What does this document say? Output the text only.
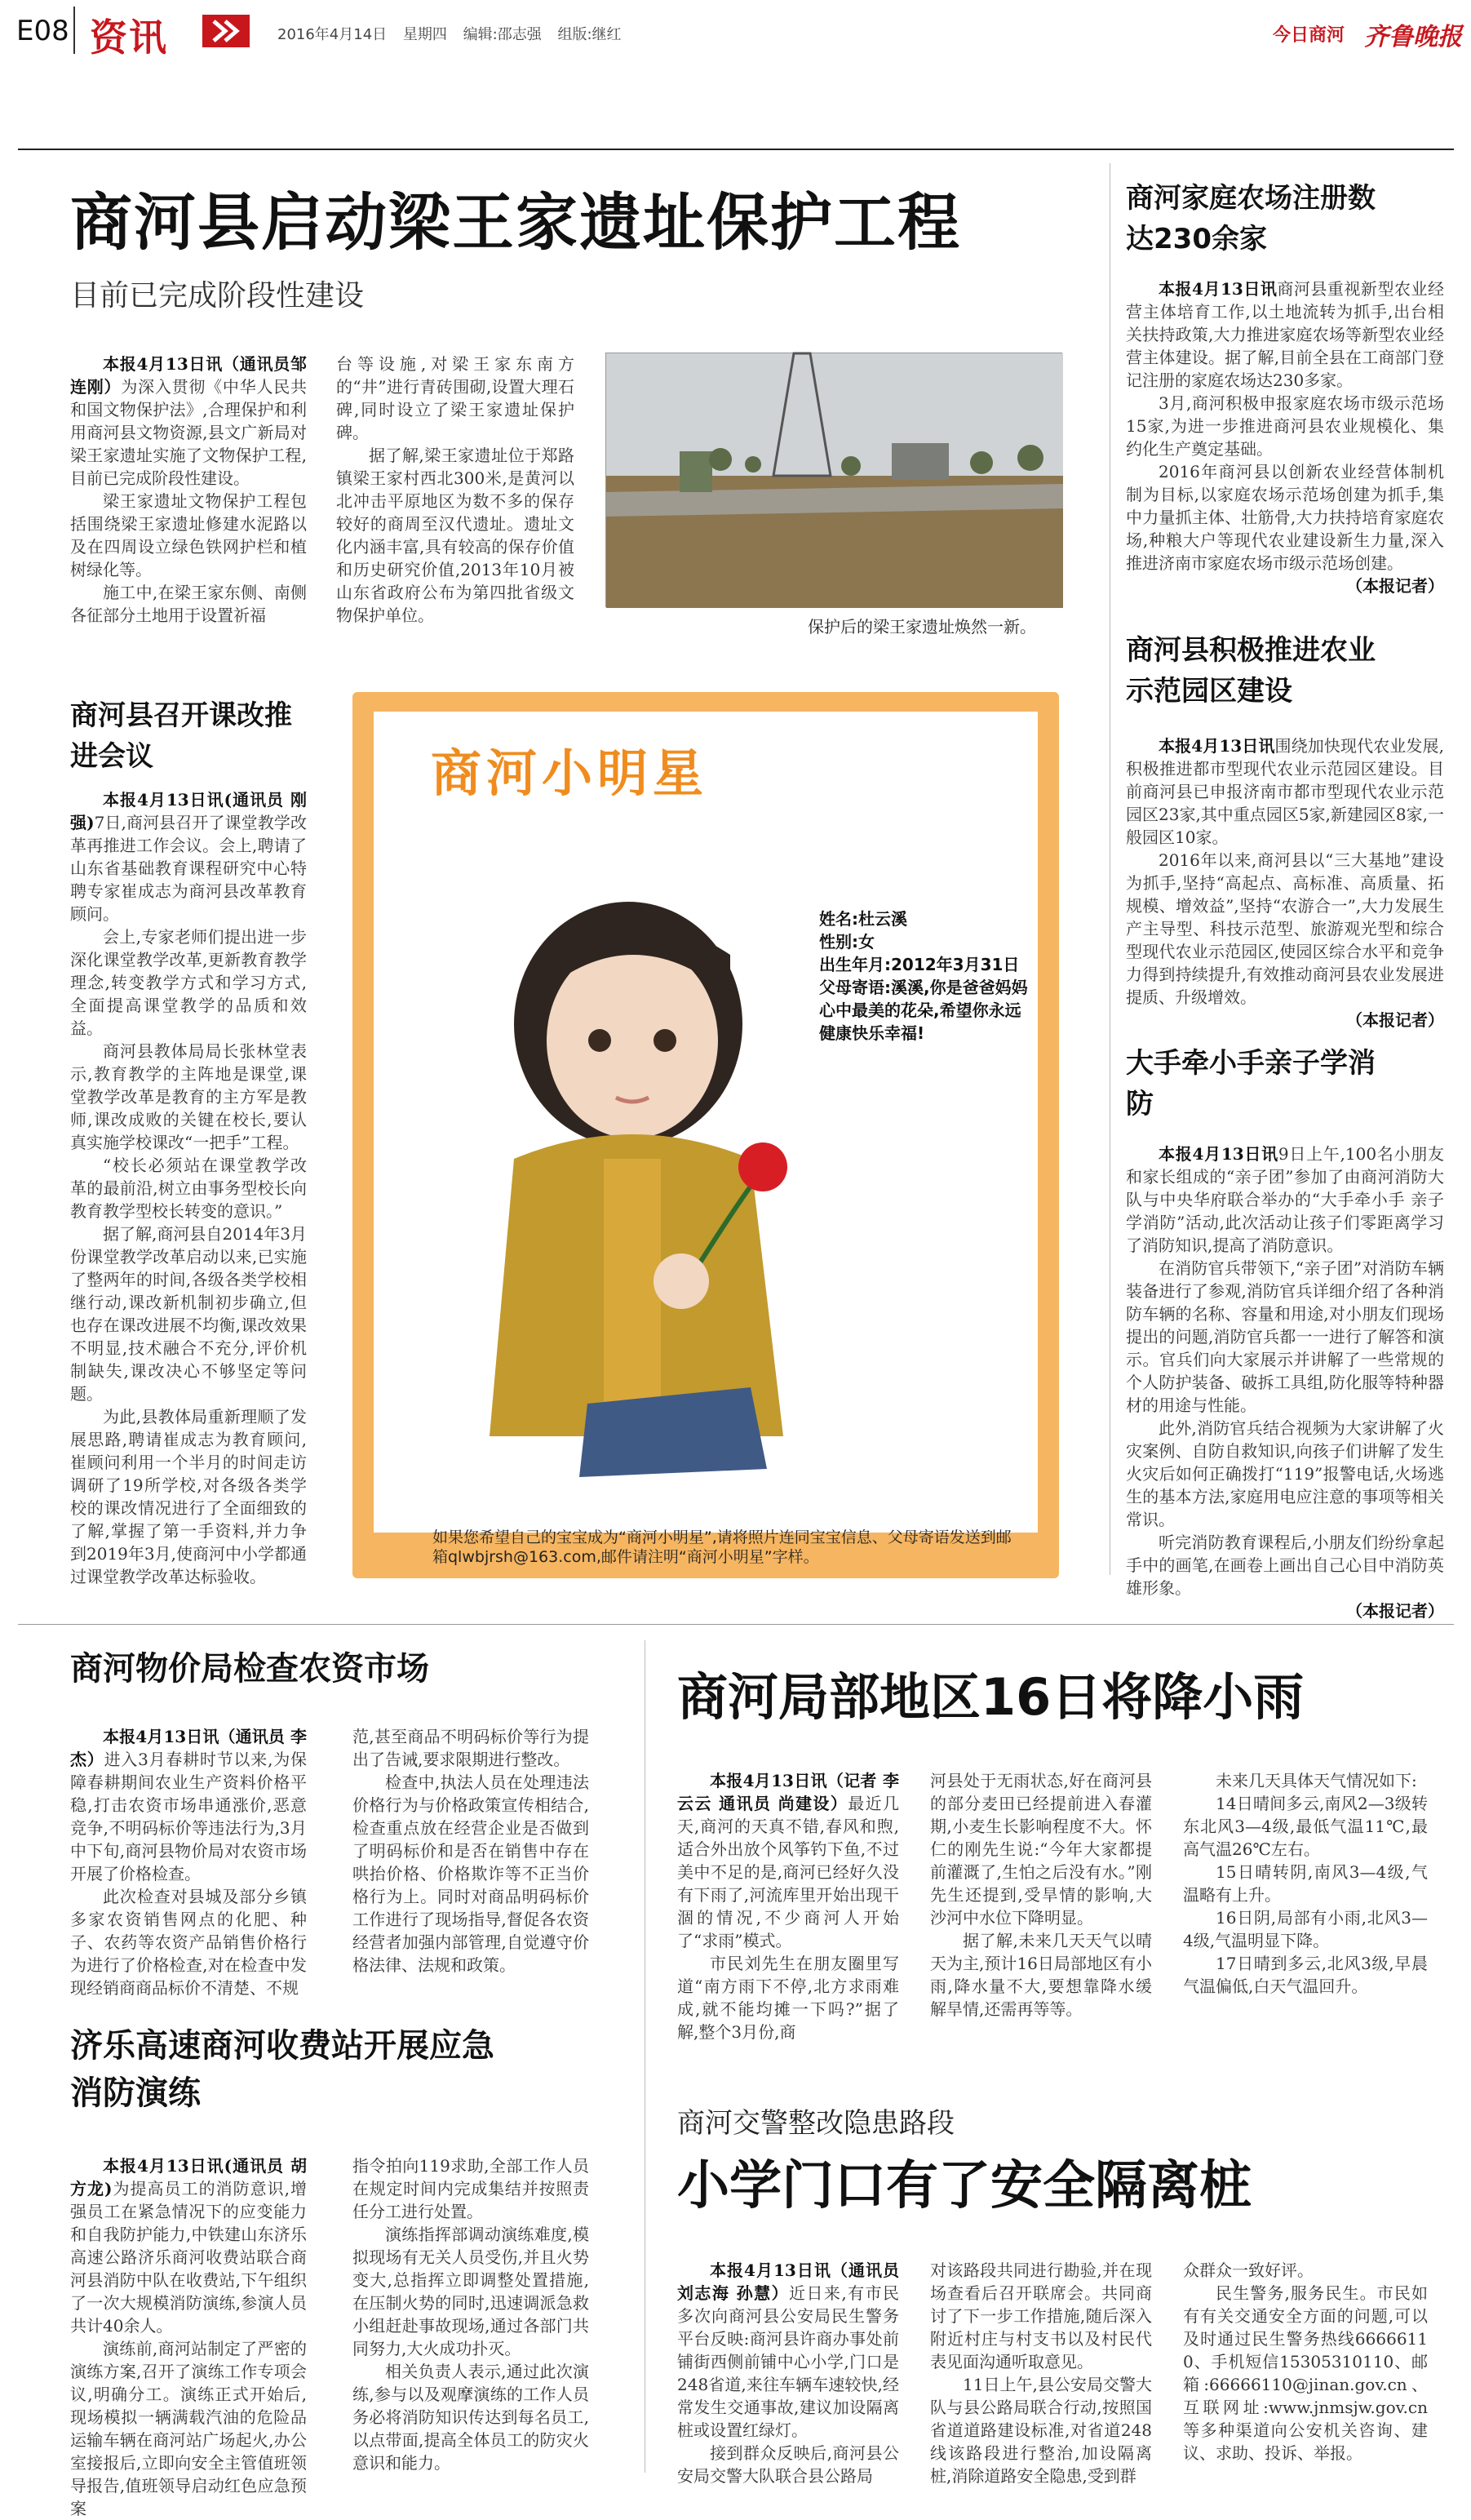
E08 资讯	2016年4月14日 星期四 编辑:邵志强 组版:继红	今日商河 齐鲁晚报
商河县启动梁王家遗址保护工程
目前已完成阶段性建设

本报4月13日讯（通讯员邹连刚）为深入贯彻《中华人民共和国文物保护法》,合理保护和利用商河县文物资源,县文广新局对梁王家遗址实施了文物保护工程,目前已完成阶段性建设。

梁王家遗址文物保护工程包括围绕梁王家遗址修建水泥路以及在四周设立绿色铁网护栏和植树绿化等。

施工中,在梁王家东侧、南侧各征部分土地用于设置祈福

台等设施,对梁王家东南方的“井”进行青砖围砌,设置大理石碑,同时设立了梁王家遗址保护碑。

据了解,梁王家遗址位于郑路镇梁王家村西北300米,是黄河以北冲击平原地区为数不多的保存较好的商周至汉代遗址。遗址文化内涵丰富,具有较高的保存价值和历史研究价值,2013年10月被山东省政府公布为第四批省级文物保护单位。

保护后的梁王家遗址焕然一新。
商河县召开课改推进会议

本报4月13日讯(通讯员 刚强)7日,商河县召开了课堂教学改革再推进工作会议。会上,聘请了山东省基础教育课程研究中心特聘专家崔成志为商河县改革教育顾问。

会上,专家老师们提出进一步深化课堂教学改革,更新教育教学理念,转变教学方式和学习方式,全面提高课堂教学的品质和效益。

商河县教体局局长张林堂表示,教育教学的主阵地是课堂,课堂教学改革是教育的主方军是教师,课改成败的关键在校长,要认真实施学校课改“一把手”工程。

“校长必须站在课堂教学改革的最前沿,树立由事务型校长向教育教学型校长转变的意识。”

据了解,商河县自2014年3月份课堂教学改革启动以来,已实施了整两年的时间,各级各类学校相继行动,课改新机制初步确立,但也存在课改进展不均衡,课改效果不明显,技术融合不充分,评价机制缺失,课改决心不够坚定等问题。

为此,县教体局重新理顺了发展思路,聘请崔成志为教育顾问,崔顾问利用一个半月的时间走访调研了19所学校,对各级各类学校的课改情况进行了全面细致的了解,掌握了第一手资料,并力争到2019年3月,使商河中小学都通过课堂教学改革达标验收。

商河小明星
姓名:杜云溪
性别:女
出生年月:2012年3月31日
父母寄语:溪溪,你是爸爸妈妈心中最美的花朵,希望你永远健康快乐幸福!
如果您希望自己的宝宝成为“商河小明星”,请将照片连同宝宝信息、父母寄语发送到邮箱qlwbjrsh@163.com,邮件请注明“商河小明星”字样。
商河家庭农场注册数达230余家

本报4月13日讯商河县重视新型农业经营主体培育工作,以土地流转为抓手,出台相关扶持政策,大力推进家庭农场等新型农业经营主体建设。据了解,目前全县在工商部门登记注册的家庭农场达230多家。

3月,商河积极申报家庭农场市级示范场15家,为进一步推进商河县农业规模化、集约化生产奠定基础。

2016年商河县以创新农业经营体制机制为目标,以家庭农场示范场创建为抓手,集中力量抓主体、壮筋骨,大力扶持培育家庭农场,种粮大户等现代农业建设新生力量,深入推进济南市家庭农场市级示范场创建。

（本报记者）

商河县积极推进农业示范园区建设

本报4月13日讯围绕加快现代农业发展,积极推进都市型现代农业示范园区建设。目前商河县已申报济南市都市型现代农业示范园区23家,其中重点园区5家,新建园区8家,一般园区10家。

2016年以来,商河县以“三大基地”建设为抓手,坚持“高起点、高标准、高质量、拓规模、增效益”,坚持“农游合一”,大力发展生产主导型、科技示范型、旅游观光型和综合型现代农业示范园区,使园区综合水平和竞争力得到持续提升,有效推动商河县农业发展进提质、升级增效。

（本报记者）

大手牵小手亲子学消防

本报4月13日讯9日上午,100名小朋友和家长组成的“亲子团”参加了由商河消防大队与中央华府联合举办的“大手牵小手 亲子学消防”活动,此次活动让孩子们零距离学习了消防知识,提高了消防意识。

在消防官兵带领下,“亲子团”对消防车辆装备进行了参观,消防官兵详细介绍了各种消防车辆的名称、容量和用途,对小朋友们现场提出的问题,消防官兵都一一进行了解答和演示。官兵们向大家展示并讲解了一些常规的个人防护装备、破拆工具组,防化服等特种器材的用途与性能。

此外,消防官兵结合视频为大家讲解了火灾案例、自防自救知识,向孩子们讲解了发生火灾后如何正确拨打“119”报警电话,火场逃生的基本方法,家庭用电应注意的事项等相关常识。

听完消防教育课程后,小朋友们纷纷拿起手中的画笔,在画卷上画出自己心目中消防英雄形象。

（本报记者）

商河物价局检查农资市场

本报4月13日讯（通讯员 李杰）进入3月春耕时节以来,为保障春耕期间农业生产资料价格平稳,打击农资市场串通涨价,恶意竞争,不明码标价等违法行为,3月中下旬,商河县物价局对农资市场开展了价格检查。

此次检查对县城及部分乡镇多家农资销售网点的化肥、种子、农药等农资产品销售价格行为进行了价格检查,对在检查中发现经销商商品标价不清楚、不规

范,甚至商品不明码标价等行为提出了告诫,要求限期进行整改。

检查中,执法人员在处理违法价格行为与价格政策宣传相结合,检查重点放在经营企业是否做到了明码标价和是否在销售中存在哄抬价格、价格欺诈等不正当价格行为上。同时对商品明码标价工作进行了现场指导,督促各农资经营者加强内部管理,自觉遵守价格法律、法规和政策。

济乐高速商河收费站开展应急消防演练

本报4月13日讯(通讯员 胡方龙)为提高员工的消防意识,增强员工在紧急情况下的应变能力和自我防护能力,中铁建山东济乐高速公路济乐商河收费站联合商河县消防中队在收费站,下午组织了一次大规模消防演练,参演人员共计40余人。

演练前,商河站制定了严密的演练方案,召开了演练工作专项会议,明确分工。演练正式开始后,现场模拟一辆满载汽油的危险品运输车辆在商河站广场起火,办公室接报后,立即向安全主管值班领导报告,值班领导启动红色应急预案

指令拍向119求助,全部工作人员在规定时间内完成集结并按照责任分工进行处置。

演练指挥部调动演练难度,模拟现场有无关人员受伤,并且火势变大,总指挥立即调整处置措施,在压制火势的同时,迅速调派急救小组赶赴事故现场,通过各部门共同努力,大火成功扑灭。

相关负责人表示,通过此次演练,参与以及观摩演练的工作人员务必将消防知识传达到每名员工,以点带面,提高全体员工的防灾火意识和能力。

商河局部地区16日将降小雨

本报4月13日讯（记者 李云云 通讯员 尚建设）最近几天,商河的天真不错,春风和煦,适合外出放个风筝钓下鱼,不过美中不足的是,商河已经好久没有下雨了,河流库里开始出现干涸的情况,不少商河人开始了“求雨”模式。

市民刘先生在朋友圈里写道“南方雨下不停,北方求雨难成,就不能均摊一下吗?”据了解,整个3月份,商

河县处于无雨状态,好在商河县的部分麦田已经提前进入春灌期,小麦生长影响程度不大。怀仁的刚先生说:“今年大家都提前灌溉了,生怕之后没有水。”刚先生还提到,受旱情的影响,大沙河中水位下降明显。

据了解,未来几天天气以晴天为主,预计16日局部地区有小雨,降水量不大,要想靠降水缓解旱情,还需再等等。

未来几天具体天气情况如下:

14日晴间多云,南风2—3级转东北风3—4级,最低气温11℃,最高气温26℃左右。

15日晴转阴,南风3—4级,气温略有上升。

16日阴,局部有小雨,北风3—4级,气温明显下降。

17日晴到多云,北风3级,早晨气温偏低,白天气温回升。

商河交警整改隐患路段
小学门口有了安全隔离桩

本报4月13日讯（通讯员 刘志海 孙慧）近日来,有市民多次向商河县公安局民生警务平台反映:商河县许商办事处前铺街西侧前铺中心小学,门口是248省道,来往车辆车速较快,经常发生交通事故,建议加设隔离桩或设置红绿灯。

接到群众反映后,商河县公安局交警大队联合县公路局

对该路段共同进行勘验,并在现场查看后召开联席会。共同商讨了下一步工作措施,随后深入附近村庄与村支书以及村民代表见面沟通听取意见。

11日上午,县公安局交警大队与县公路局联合行动,按照国省道道路建设标准,对省道248线该路段进行整治,加设隔离桩,消除道路安全隐患,受到群

众群众一致好评。

民生警务,服务民生。市民如有有关交通安全方面的问题,可以及时通过民生警务热线66666110、手机短信15305310110、邮箱:66666110@jinan.gov.cn、互联网址:www.jnmsjw.gov.cn等多种渠道向公安机关咨询、建议、求助、投诉、举报。
